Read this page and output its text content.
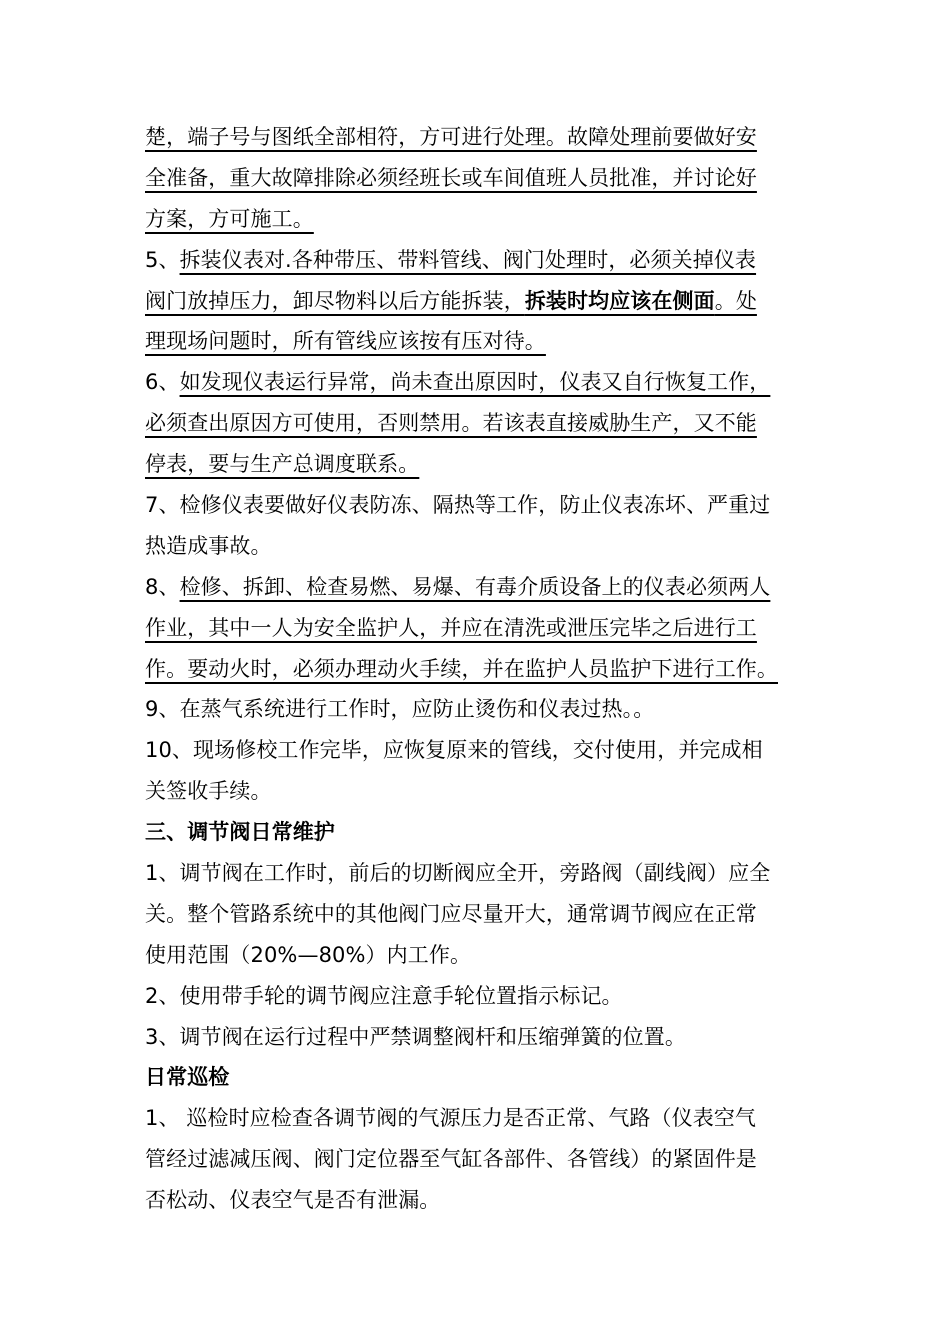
楚，端子号与图纸全部相符，方可进行处理。故障处理前要做好安
全准备，重大故障排除必须经班长或车间值班人员批准，并讨论好
方案，方可施工。
5、拆装仪表对.各种带压、带料管线、阀门处理时，必须关掉仪表
阀门放掉压力，卸尽物料以后方能拆装，拆装时均应该在侧面。处
理现场问题时，所有管线应该按有压对待。
6、如发现仪表运行异常，尚未查出原因时，仪表又自行恢复工作，
必须查出原因方可使用，否则禁用。若该表直接威胁生产，又不能
停表，要与生产总调度联系。
7、检修仪表要做好仪表防冻、隔热等工作，防止仪表冻坏、严重过
热造成事故。
8、检修、拆卸、检查易燃、易爆、有毒介质设备上的仪表必须两人
作业，其中一人为安全监护人，并应在清洗或泄压完毕之后进行工
作。要动火时，必须办理动火手续，并在监护人员监护下进行工作。
9、在蒸气系统进行工作时，应防止烫伤和仪表过热。。
10、现场修校工作完毕，应恢复原来的管线，交付使用，并完成相
关签收手续。
三、调节阀日常维护
1、调节阀在工作时，前后的切断阀应全开，旁路阀（副线阀）应全
关。整个管路系统中的其他阀门应尽量开大，通常调节阀应在正常
使用范围（20%—80%）内工作。
2、使用带手轮的调节阀应注意手轮位置指示标记。
3、调节阀在运行过程中严禁调整阀杆和压缩弹簧的位置。
日常巡检
1、 巡检时应检查各调节阀的气源压力是否正常、气路（仪表空气
管经过滤减压阀、阀门定位器至气缸各部件、各管线）的紧固件是
否松动、仪表空气是否有泄漏。
